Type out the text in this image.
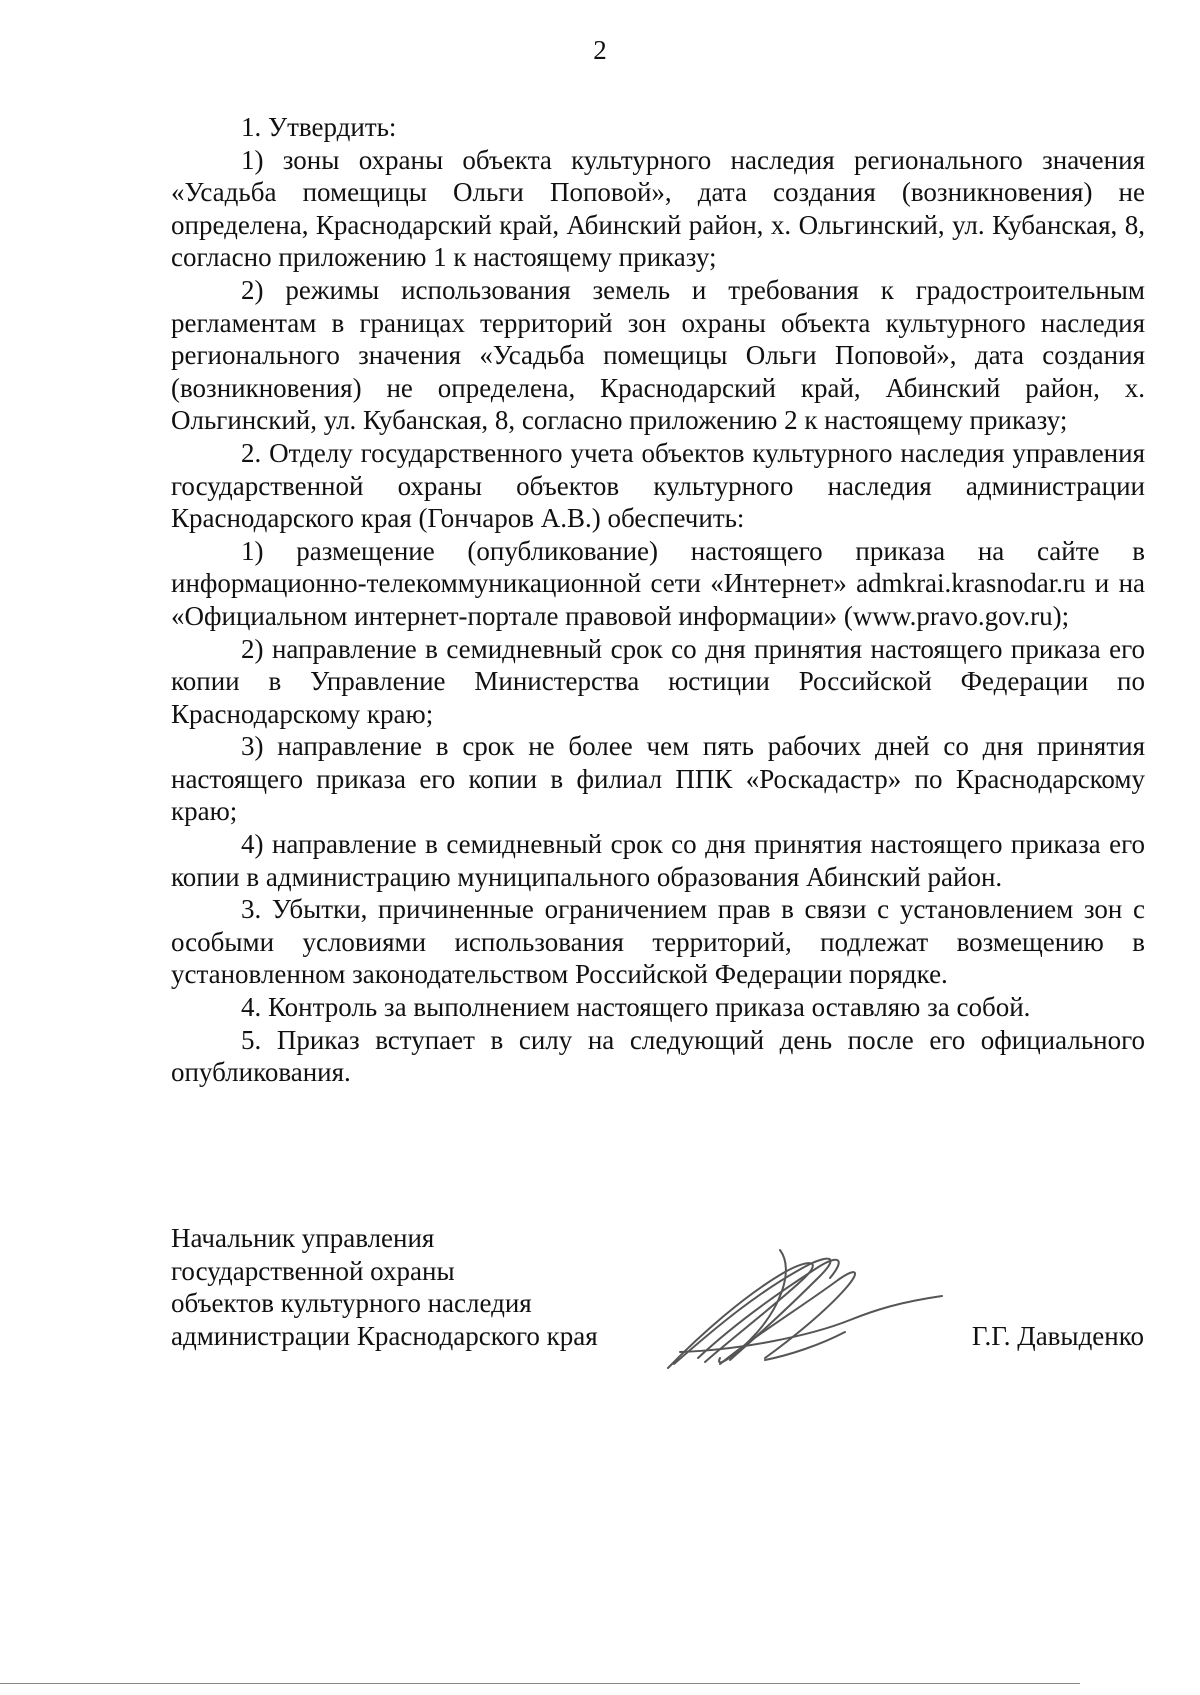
2

1. Утвердить:

1) зоны охраны объекта культурного наследия регионального значения «Усадьба помещицы Ольги Поповой», дата создания (возникновения) не определена, Краснодарский край, Абинский район, х. Ольгинский, ул. Кубанская, 8, согласно приложению 1 к настоящему приказу;

2) режимы использования земель и требования к градостроительным регламентам в границах территорий зон охраны объекта культурного наследия регионального значения «Усадьба помещицы Ольги Поповой», дата создания (возникновения) не определена, Краснодарский край, Абинский район, х. Ольгинский, ул. Кубанская, 8, согласно приложению 2 к настоящему приказу;

2. Отделу государственного учета объектов культурного наследия управления государственной охраны объектов культурного наследия администрации Краснодарского края (Гончаров А.В.) обеспечить:

1) размещение (опубликование) настоящего приказа на сайте в информационно-телекоммуникационной сети «Интернет» admkrai.krasnodar.ru и на «Официальном интернет-портале правовой информации» (www.pravo.gov.ru);

2) направление в семидневный срок со дня принятия настоящего приказа его копии в Управление Министерства юстиции Российской Федерации по Краснодарскому краю;

3) направление в срок не более чем пять рабочих дней со дня принятия настоящего приказа его копии в филиал ППК «Роскадастр» по Краснодарскому краю;

4) направление в семидневный срок со дня принятия настоящего приказа его копии в администрацию муниципального образования Абинский район.

3. Убытки, причиненные ограничением прав в связи с установлением зон с особыми условиями использования территорий, подлежат возмещению в установленном законодательством Российской Федерации порядке.

4. Контроль за выполнением настоящего приказа оставляю за собой.

5. Приказ вступает в силу на следующий день после его официального опубликования.

Начальник управления
государственной охраны
объектов культурного наследия
администрации Краснодарского края	Г.Г. Давыденко
